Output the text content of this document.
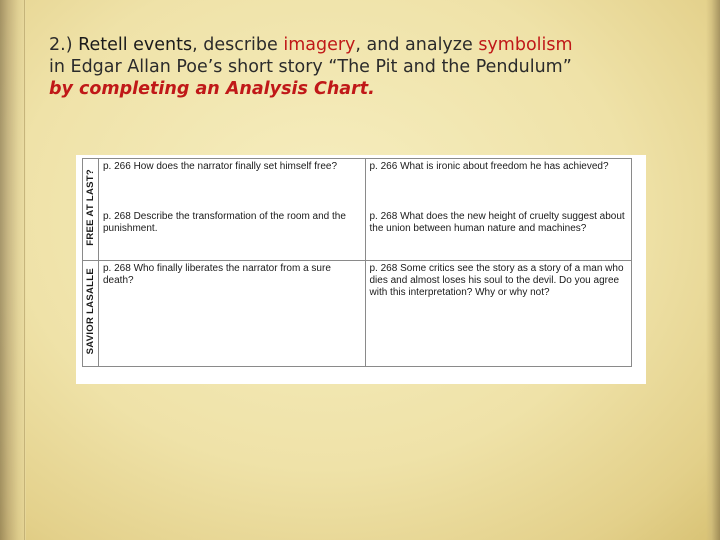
2.) Retell events, describe imagery, and analyze symbolism
in Edgar Allan Poe’s short story “The Pit and the Pendulum”
by completing an Analysis Chart.
FREE AT LAST?	p. 266 How does the narrator finally set himself free?	p. 266 What is ironic about freedom he has achieved?
	p. 268 Describe the transformation of the room and the punishment.	p. 268 What does the new height of cruelty suggest about the union between human nature and machines?
SAVIOR LASALLE	p. 268 Who finally liberates the narrator from a sure death?	p. 268 Some critics see the story as a story of a man who dies and almost loses his soul to the devil. Do you agree with this interpretation? Why or why not?
